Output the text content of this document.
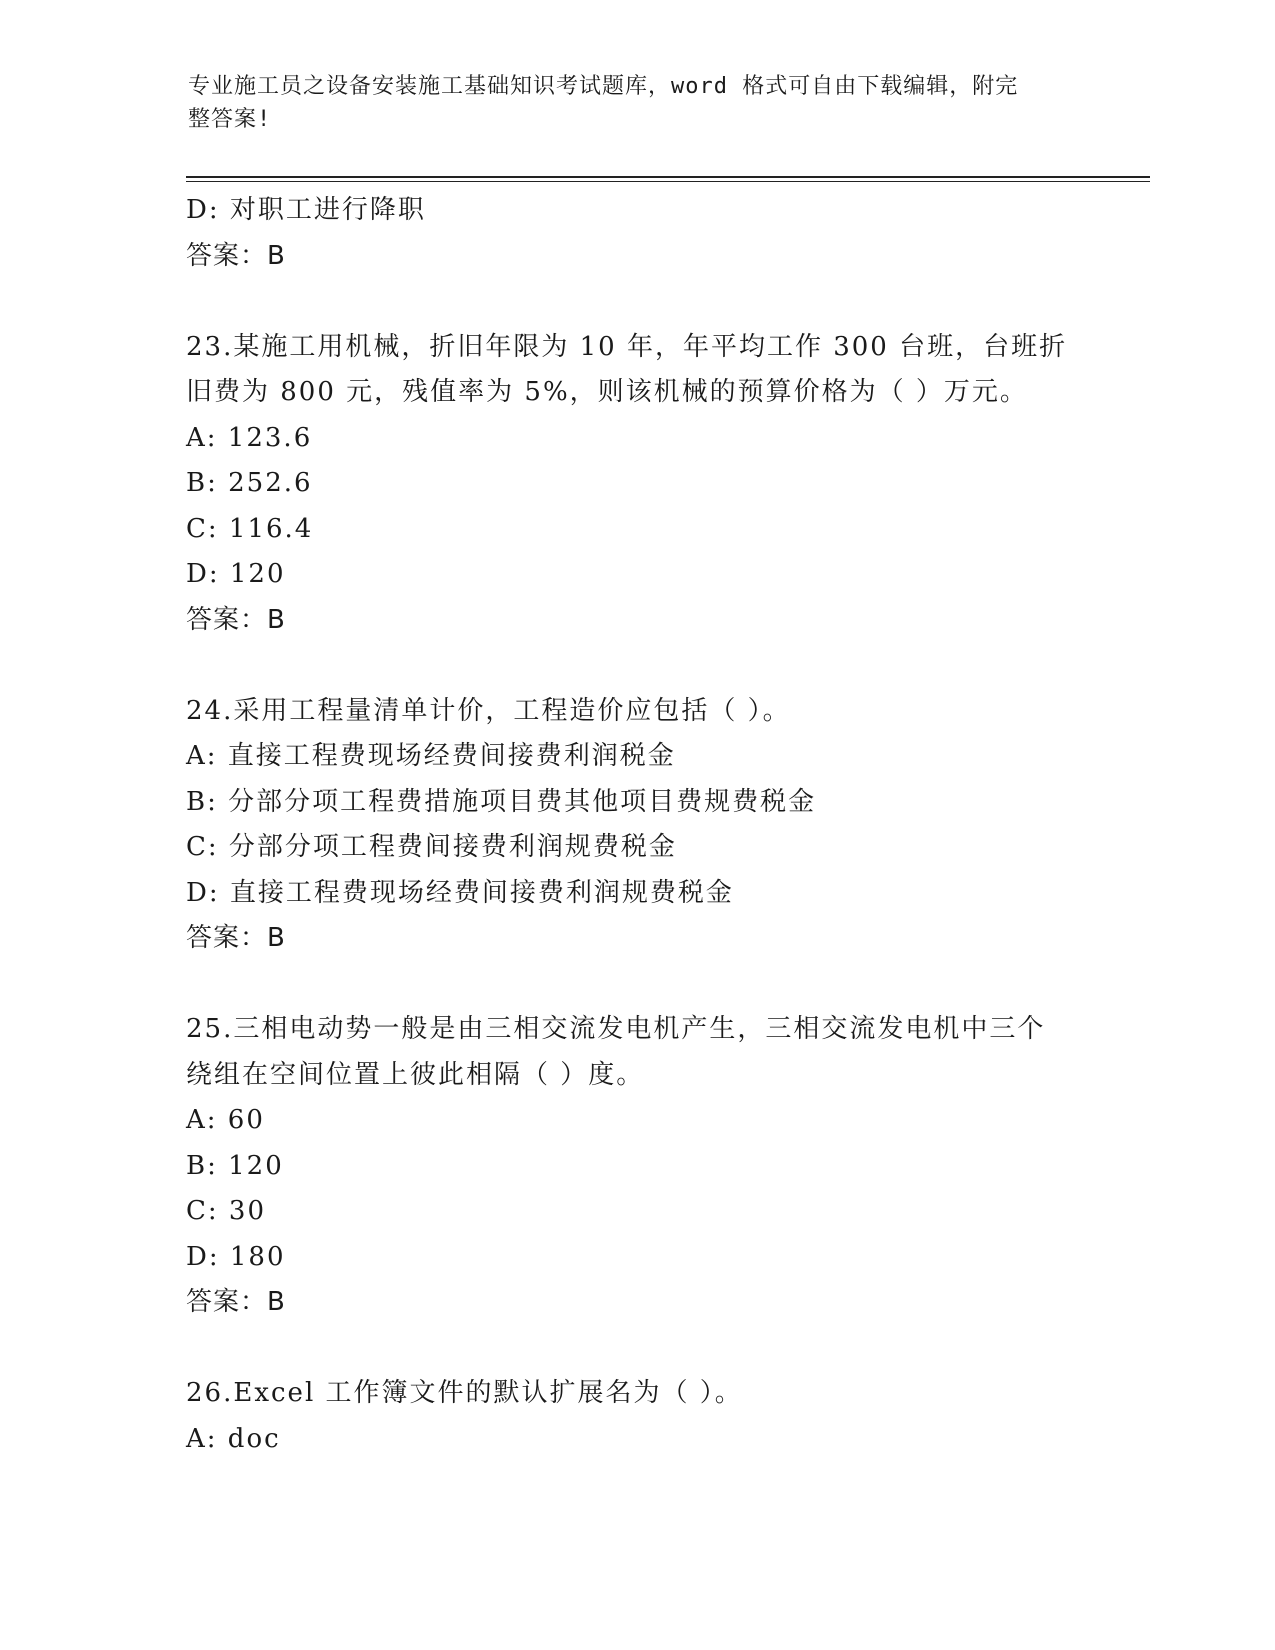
专业施工员之设备安装施工基础知识考试题库，word 格式可自由下载编辑，附完
整答案!
D: 对职工进行降职
答案：B
23.某施工用机械，折旧年限为 10 年，年平均工作 300 台班，台班折
旧费为 800 元，残值率为 5%，则该机械的预算价格为（ ）万元。
A: 123.6
B: 252.6
C: 116.4
D: 120
答案：B
24.采用工程量清单计价，工程造价应包括（ ）。
A: 直接工程费现场经费间接费利润税金
B: 分部分项工程费措施项目费其他项目费规费税金
C: 分部分项工程费间接费利润规费税金
D: 直接工程费现场经费间接费利润规费税金
答案：B
25.三相电动势一般是由三相交流发电机产生，三相交流发电机中三个
绕组在空间位置上彼此相隔（ ）度。
A: 60
B: 120
C: 30
D: 180
答案：B
26.Excel 工作簿文件的默认扩展名为（ ）。
A: doc
